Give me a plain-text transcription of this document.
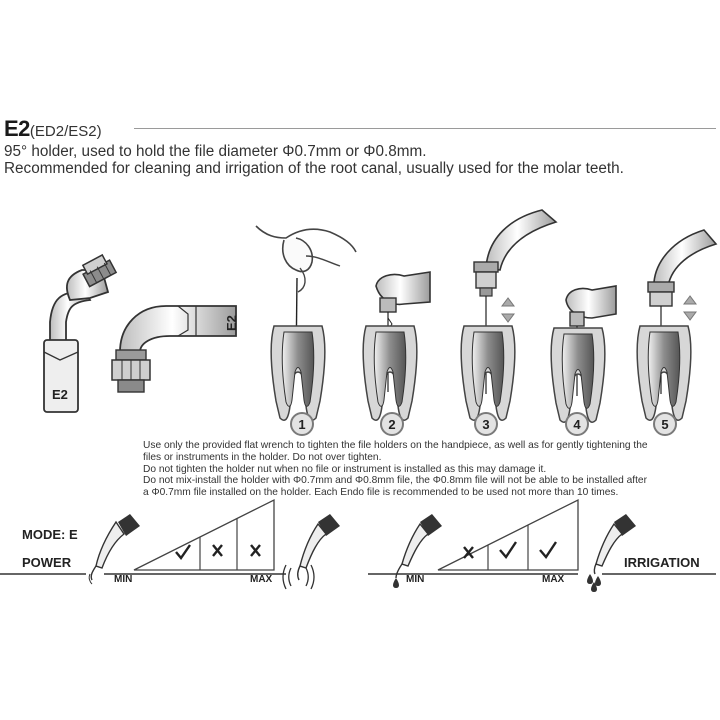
E2
E2
1	2	3	4	5
MODE: E
POWER
MIN	MAX	MIN	MAX
IRRIGATION
E2(ED2/ES2)
95° holder, used to hold the file diameter Φ0.7mm or Φ0.8mm.
Recommended for cleaning and irrigation of the root canal, usually used for the molar teeth.
Use only the provided flat wrench to tighten the file holders on the handpiece, as well as for gently tightening the
files or instruments in the holder. Do not over tighten.
Do not tighten the holder nut when no file or instrument is installed as this may damage it.
Do not mix-install the holder with Φ0.7mm and Φ0.8mm file, the Φ0.8mm file will not be able to be installed after
a Φ0.7mm file installed on the holder. Each Endo file is recommended to be used not more than 10 times.
